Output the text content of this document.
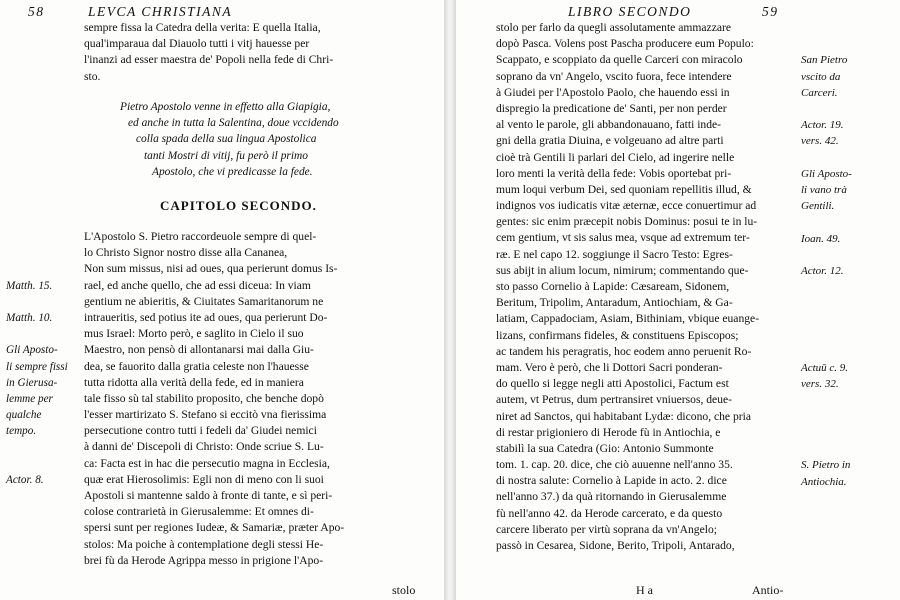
58	LEVCA CHRISTIANA
sempre fissa la Catedra della verita: E quella Italia,
qual'imparaua dal Diauolo tutti i vitj hauesse per
l'inanzi ad esser maestra de' Popoli nella fede di Chri-
sto.
Pietro Apostolo venne in effetto alla Giapigia,
ed anche in tutta la Salentina, doue vccidendo
colla spada della sua lingua Apostolica
tanti Mostri di vitij, fu però il primo
Apostolo, che vi predicasse la fede.
CAPITOLO SECONDO.
L'Apostolo S. Pietro raccordeuole sempre di quel-
lo Christo Signor nostro disse alla Cananea,
Non sum missus, nisi ad oues, qua perierunt domus Is-
rael, ed anche quello, che ad essi diceua: In viam
gentium ne abieritis, & Ciuitates Samaritanorum ne
intraueritis, sed potius ite ad oues, qua perierunt Do-
mus Israel: Morto però, e saglito in Cielo il suo
Maestro, non pensò di allontanarsi mai dalla Giu-
dea, se fauorito dalla gratia celeste non l'hauesse
tutta ridotta alla verità della fede, ed in maniera
tale fisso sù tal stabilito proposito, che benche dopò
l'esser martirizato S. Stefano si eccitò vna fierissima
persecutione contro tutti i fedeli da' Giudei nemici
à danni de' Discepoli di Christo: Onde scriue S. Lu-
ca: Facta est in hac die persecutio magna in Ecclesia,
quæ erat Hierosolimis: Egli non di meno con li suoi
Apostoli si mantenne saldo à fronte di tante, e sì peri-
colose contrarietà in Gierusalemme: Et omnes di-
spersi sunt per regiones Iudeæ, & Samariæ, præter Apo-
stolos: Ma poiche à contemplatione degli stessi He-
brei fù da Herode Agrippa messo in prigione l'Apo-
Matth. 15.
Matth. 10.
Gli Aposto-
li sempre fissi
in Gierusa-
lemme per
qualche
tempo.
Actor. 8.
stolo
LIBRO SECONDO	59
stolo per farlo da quegli assolutamente ammazzare
dopò Pasca. Volens post Pascha producere eum Populo:
Scappato, e scoppiato da quelle Carceri con miracolo
soprano da vn' Angelo, vscito fuora, fece intendere
à Giudei per l'Apostolo Paolo, che hauendo essi in
dispregio la predicatione de' Santi, per non perder
al vento le parole, gli abbandonauano, fatti inde-
gni della gratia Diuina, e volgeuano ad altre parti
cioè trà Gentili li parlari del Cielo, ad ingerire nelle
loro menti la verità della fede: Vobis oportebat pri-
mum loqui verbum Dei, sed quoniam repellitis illud, &
indignos vos iudicatis vitæ æternæ, ecce conuertimur ad
gentes: sic enim præcepit nobis Dominus: posui te in lu-
cem gentium, vt sis salus mea, vsque ad extremum ter-
ræ. E nel capo 12. soggiunge il Sacro Testo: Egres-
sus abijt in alium locum, nimirum; commentando que-
sto passo Cornelio à Lapide: Cæsaream, Sidonem,
Beritum, Tripolim, Antaradum, Antiochiam, & Ga-
latiam, Cappadociam, Asiam, Bithiniam, vbique euange-
lizans, confirmans fideles, & constituens Episcopos;
ac tandem his peragratis, hoc eodem anno peruenit Ro-
mam. Vero è però, che li Dottori Sacri ponderan-
do quello si legge negli atti Apostolici, Factum est
autem, vt Petrus, dum pertransiret vniuersos, deue-
niret ad Sanctos, qui habitabant Lydæ: dicono, che pria
di restar prigioniero di Herode fù in Antiochia, e
stabilì la sua Catedra (Gio: Antonio Summonte
tom. 1. cap. 20. dice, che ciò auuenne nell'anno 35.
di nostra salute: Cornelio à Lapide in acto. 2. dice
nell'anno 37.) da quà ritornando in Gierusalemme
fù nell'anno 42. da Herode carcerato, e da questo
carcere liberato per virtù soprana da vn'Angelo;
passò in Cesarea, Sidone, Berito, Tripoli, Antarado,
San Pietro
vscito da
Carceri.
Actor. 19.
vers. 42.
Gli Aposto-
li vano trà
Gentili.
Ioan. 49.
Actor. 12.
Actuū c. 9.
vers. 32.
S. Pietro in
Antiochia.
H a	Antio-
